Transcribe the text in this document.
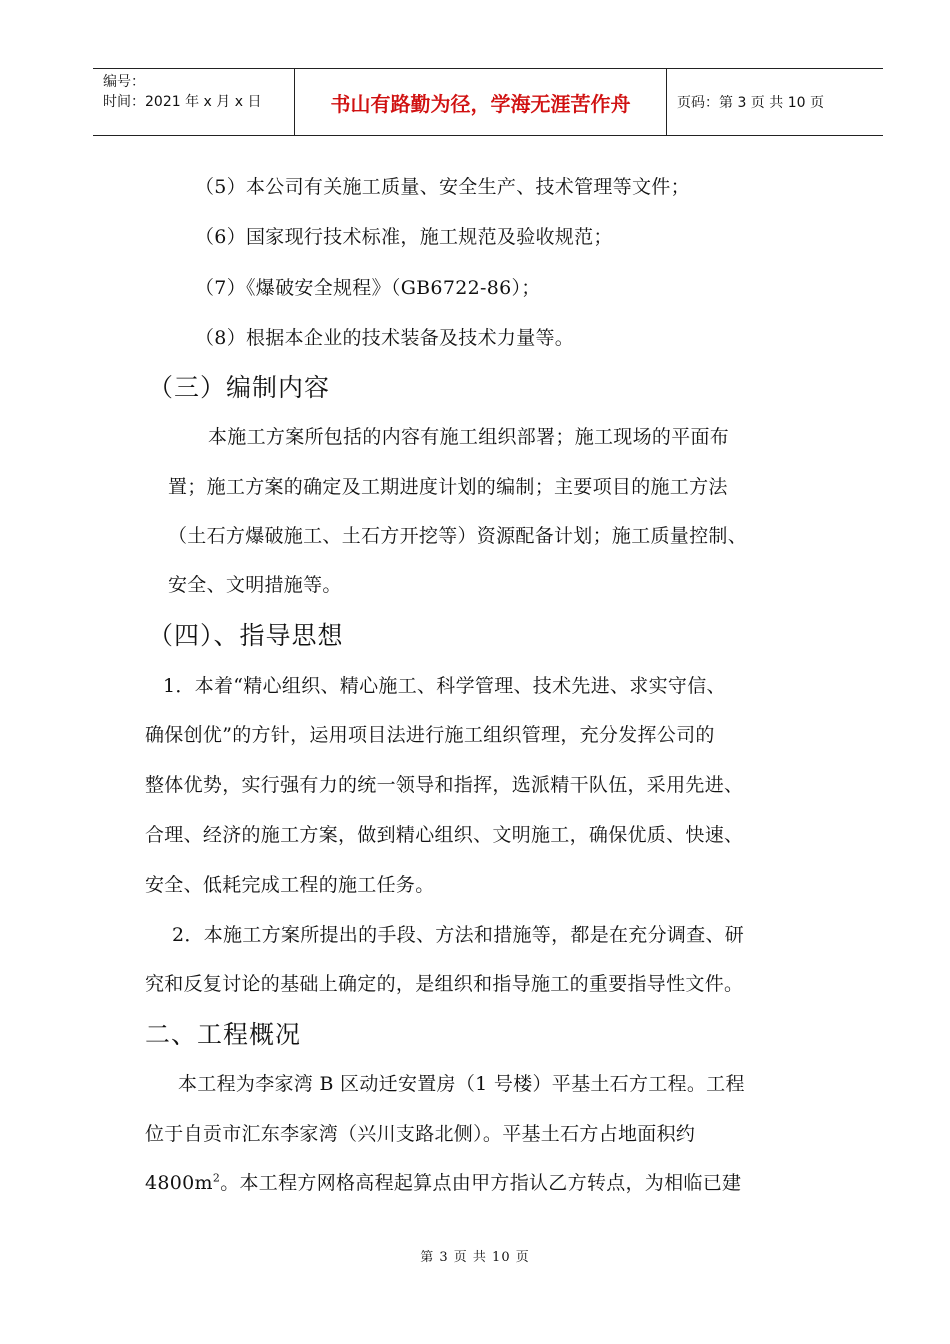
编号：
时间：2021 年 x 月 x 日	书山有路勤为径，学海无涯苦作舟	页码：第 3 页 共 10 页
（5）本公司有关施工质量、安全生产、技术管理等文件；
（6）国家现行技术标准，施工规范及验收规范；
（7）《爆破安全规程》（GB6722-86）；
（8）根据本企业的技术装备及技术力量等。
（三）编制内容
本施工方案所包括的内容有施工组织部署；施工现场的平面布
置；施工方案的确定及工期进度计划的编制；主要项目的施工方法
（土石方爆破施工、土石方开挖等）资源配备计划；施工质量控制、
安全、文明措施等。
（四）、指导思想
1．本着“精心组织、精心施工、科学管理、技术先进、求实守信、
确保创优”的方针，运用项目法进行施工组织管理，充分发挥公司的
整体优势，实行强有力的统一领导和指挥，选派精干队伍，采用先进、
合理、经济的施工方案，做到精心组织、文明施工，确保优质、快速、
安全、低耗完成工程的施工任务。
2．本施工方案所提出的手段、方法和措施等，都是在充分调查、研
究和反复讨论的基础上确定的，是组织和指导施工的重要指导性文件。
二、工程概况
本工程为李家湾 B 区动迁安置房（1 号楼）平基土石方工程。工程
位于自贡市汇东李家湾（兴川支路北侧）。平基土石方占地面积约
$4800m^2$。本工程方网格高程起算点由甲方指认乙方转点，为相临已建
第 3 页 共 10 页
